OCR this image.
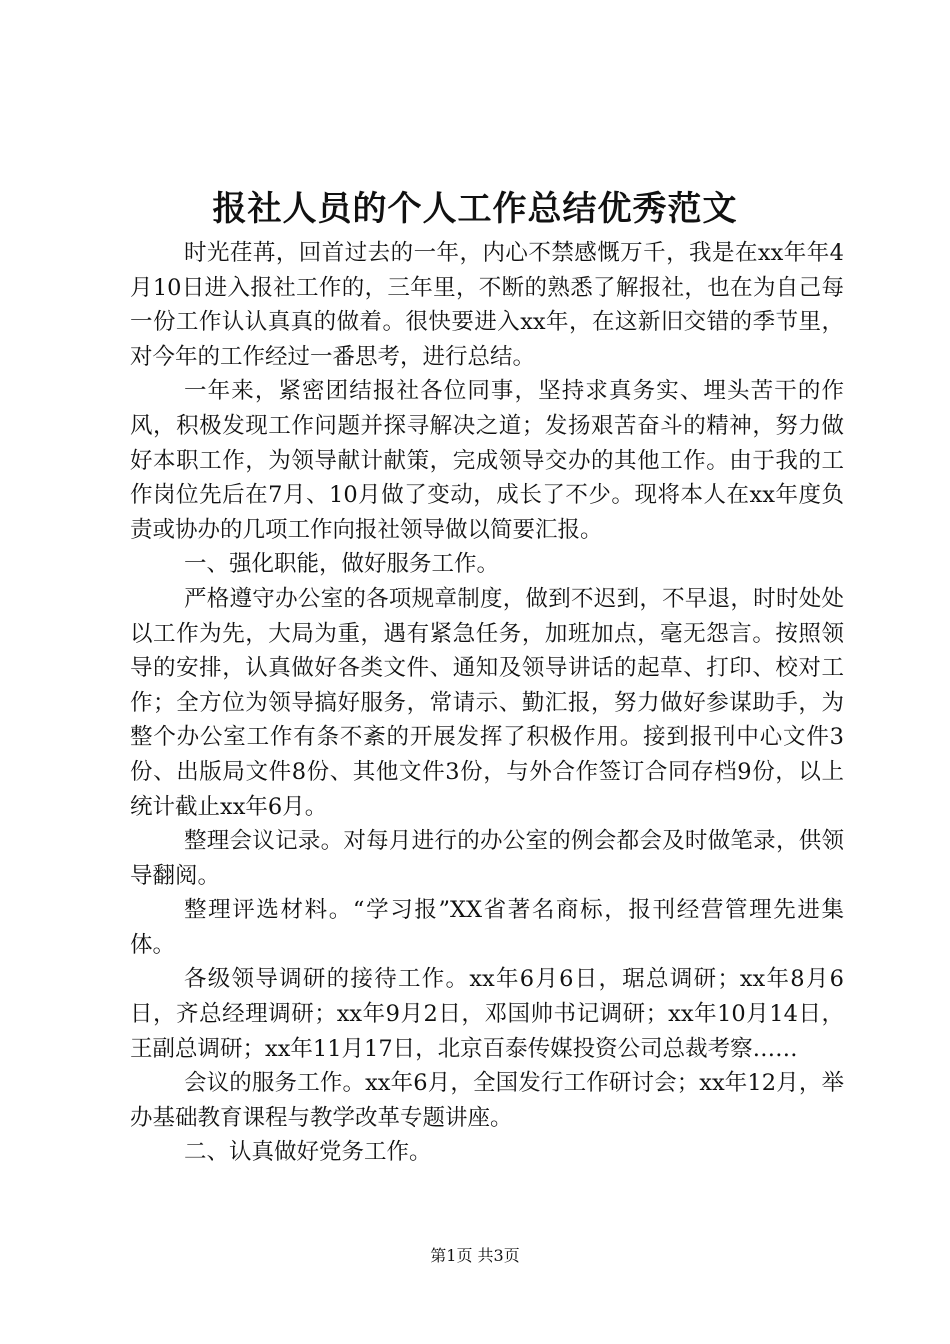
报社人员的个人工作总结优秀范文

时光荏苒，回首过去的一年，内心不禁感慨万千，我是在xx年年4月10日进入报社工作的，三年里，不断的熟悉了解报社，也在为自己每一份工作认认真真的做着。很快要进入xx年，在这新旧交错的季节里，对今年的工作经过一番思考，进行总结。

一年来，紧密团结报社各位同事，坚持求真务实、埋头苦干的作风，积极发现工作问题并探寻解决之道；发扬艰苦奋斗的精神，努力做好本职工作，为领导献计献策，完成领导交办的其他工作。由于我的工作岗位先后在7月、10月做了变动，成长了不少。现将本人在xx年度负责或协办的几项工作向报社领导做以简要汇报。

一、强化职能，做好服务工作。

严格遵守办公室的各项规章制度，做到不迟到，不早退，时时处处以工作为先，大局为重，遇有紧急任务，加班加点，毫无怨言。按照领导的安排，认真做好各类文件、通知及领导讲话的起草、打印、校对工作；全方位为领导搞好服务，常请示、勤汇报，努力做好参谋助手，为整个办公室工作有条不紊的开展发挥了积极作用。接到报刊中心文件3份、出版局文件8份、其他文件3份，与外合作签订合同存档9份，以上统计截止xx年6月。

整理会议记录。对每月进行的办公室的例会都会及时做笔录，供领导翻阅。

整理评选材料。“学习报”XX省著名商标，报刊经营管理先进集体。

各级领导调研的接待工作。xx年6月6日，琚总调研；xx年8月6日，齐总经理调研；xx年9月2日，邓国帅书记调研；xx年10月14日，王副总调研；xx年11月17日，北京百泰传媒投资公司总裁考察……

会议的服务工作。xx年6月，全国发行工作研讨会；xx年12月，举办基础教育课程与教学改革专题讲座。

二、认真做好党务工作。

第1页 共3页
